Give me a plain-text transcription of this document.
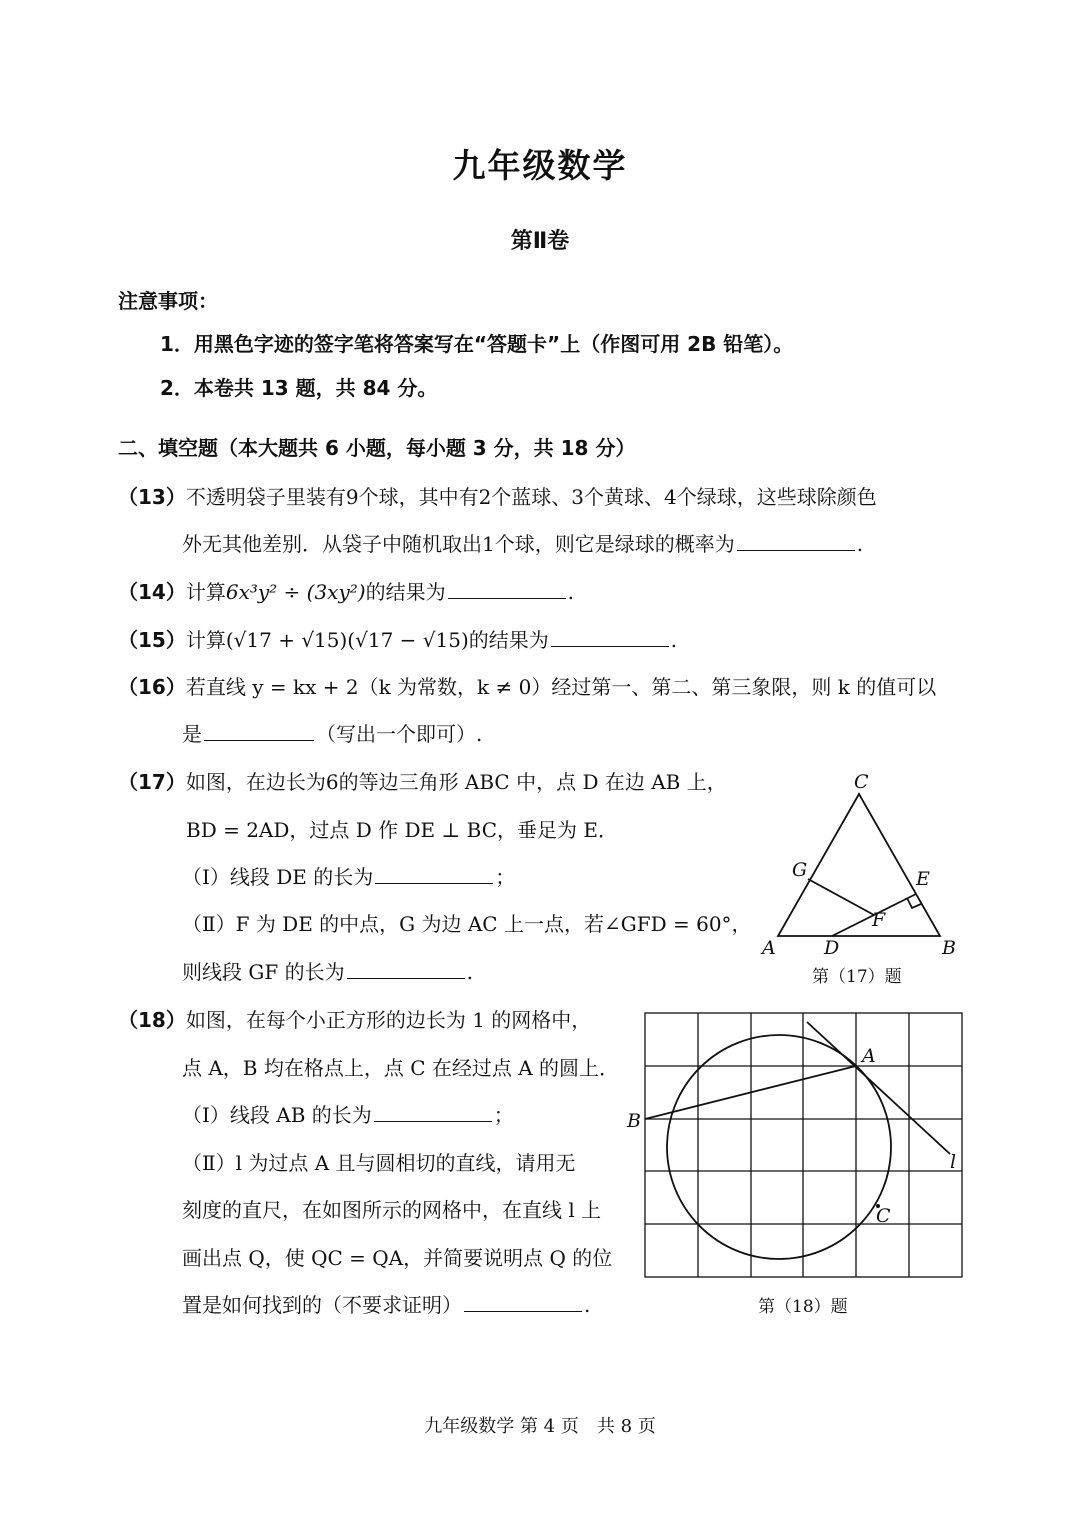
九年级数学
第Ⅱ卷
注意事项：
1．用黑色字迹的签字笔将答案写在“答题卡”上（作图可用 2B 铅笔）。
2．本卷共 13 题，共 84 分。
二、填空题（本大题共 6 小题，每小题 3 分，共 18 分）
（13）不透明袋子里装有9个球，其中有2个蓝球、3个黄球、4个绿球，这些球除颜色
外无其他差别．从袋子中随机取出1个球，则它是绿球的概率为	.
（14）计算6x³y² ÷ (3xy²)的结果为	.
（15）计算(√17 + √15)(√17 − √15)的结果为	.
（16）若直线 y = kx + 2（k 为常数，k ≠ 0）经过第一、第二、第三象限，则 k 的值可以
是	（写出一个即可）.
（17）如图，在边长为6的等边三角形 ABC 中，点 D 在边 AB 上，
BD = 2AD，过点 D 作 DE ⊥ BC，垂足为 E．
（Ⅰ）线段 DE 的长为	；
（Ⅱ）F 为 DE 的中点，G 为边 AC 上一点，若∠GFD = 60°，
则线段 GF 的长为	.
A	B
C
D
E
F
G
第（17）题
（18）如图，在每个小正方形的边长为 1 的网格中，
点 A，B 均在格点上，点 C 在经过点 A 的圆上．
（Ⅰ）线段 AB 的长为	；
（Ⅱ）l 为过点 A 且与圆相切的直线，请用无
刻度的直尺，在如图所示的网格中，在直线 l 上
画出点 Q，使 QC = QA，并简要说明点 Q 的位
置是如何找到的（不要求证明）	.
A
B
C
l
第（18）题
九年级数学 第 4 页　共 8 页
